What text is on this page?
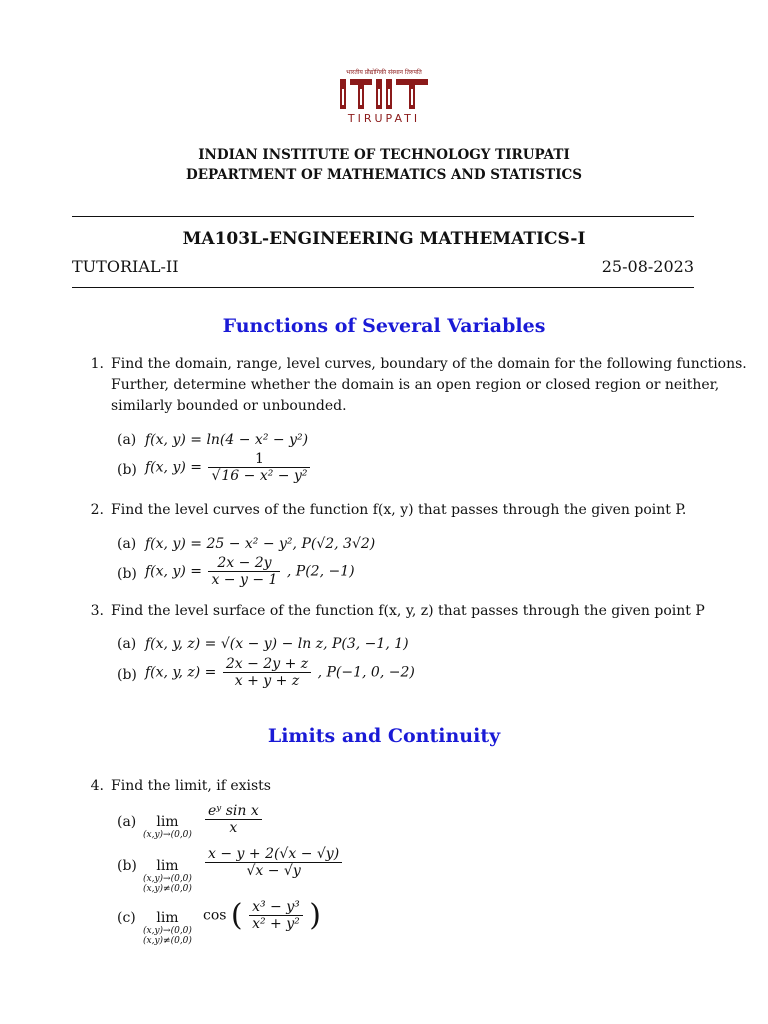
भारतीय प्रौद्योगिकी संस्थान तिरुपति
TIRUPATI
INDIAN INSTITUTE OF TECHNOLOGY TIRUPATI
DEPARTMENT OF MATHEMATICS AND STATISTICS
MA103L-ENGINEERING MATHEMATICS-I
TUTORIAL-II	25-08-2023
Functions of Several Variables
1. Find the domain, range, level curves, boundary of the domain for the following functions.
Further, determine whether the domain is an open region or closed region or neither,
similarly bounded or unbounded.
(a) f(x, y) = ln(4 − x² − y²)
(b) f(x, $y) = \frac{1}{\text{√16 − x² − y²}}$
2. Find the level curves of the function f(x, y) that passes through the given point P.
(a) f(x, y) = 25 − x² − y², P(√2, 3√2)
(b) f(x, $y) = \frac{2x - 2y}{x - y - 1}$ , P(2, −1)
3. Find the level surface of the function f(x, y, z) that passes through the given point P
(a) f(x, y, z) = √(x − y) − ln z, P(3, −1, 1)
(b) f(x, y, $z) = \frac{2x - 2y + z}{x + y + z}$ , P(−1, 0, −2)
Limits and Continuity
4. Find the limit, if exists
(a)	lim
$(x,y)\to(0,0) \frac{\text{eʸ sin x}}{x}$
(b)	lim
(x,y)→(0,0)
(x,y)≠(0,0)
$\frac{x - y + 2(√x - √y)}{√x - √y}$
(c)	lim
(x,y)→(0,0)
(x,y)≠(0,0)
cos ( $\frac{\text{x³ − y³}}{\text{x² + y²}}$ )
